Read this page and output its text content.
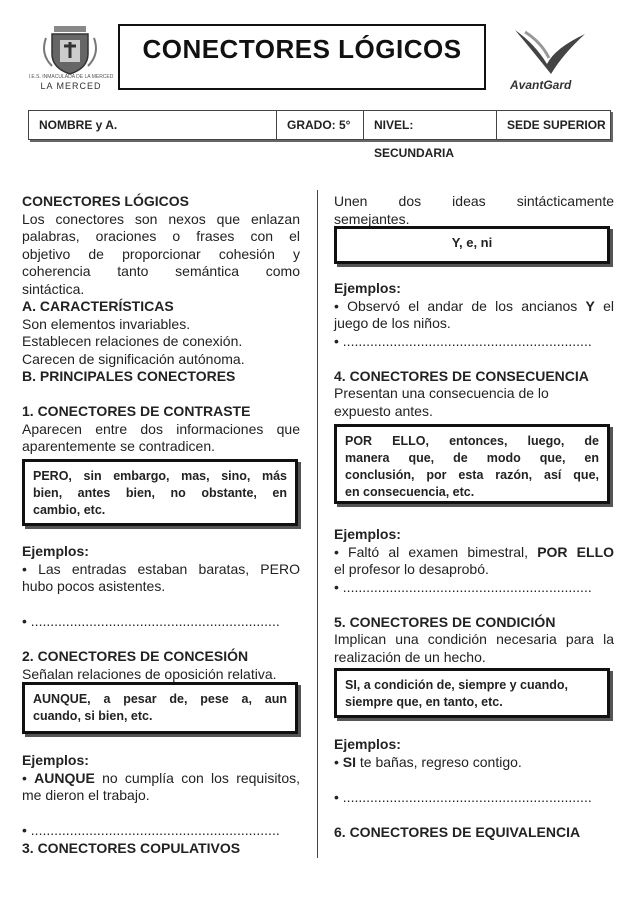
I.E.S. INMACULADA DE LA MERCED
LA MERCED
CONECTORES LÓGICOS
AvantGard
NOMBRE y A.	GRADO: 5°	NIVEL: SECUNDARIA
SEDE SUPERIOR

CONECTORES LÓGICOS

Los conectores son nexos que enlazan

palabras, oraciones o frases con el

objetivo de proporcionar cohesión y

coherencia tanto semántica como

sintáctica.

A. CARACTERÍSTICAS

Son elementos invariables.

Establecen relaciones de conexión.

Carecen de significación autónoma.

B. PRINCIPALES CONECTORES

1. CONECTORES DE CONTRASTE

Aparecen entre dos informaciones que

aparentemente se contradicen.

PERO, sin embargo, mas, sino, más
bien, antes bien, no obstante, en
cambio, etc.

Ejemplos:

• Las entradas estaban baratas, PERO

hubo pocos asistentes.

• ................................................................

2. CONECTORES DE CONCESIÓN

Señalan relaciones de oposición relativa.

AUNQUE, a pesar de, pese a, aun
cuando, si bien, etc.

Ejemplos:

• AUNQUE no cumplía con los requisitos,

me dieron el trabajo.

• ................................................................

3. CONECTORES COPULATIVOS

Unen dos ideas sintácticamente

semejantes.

Y, e, ni

Ejemplos:

• Observó el andar de los ancianos Y el

juego de los niños.

• ................................................................

4. CONECTORES DE CONSECUENCIA

Presentan una consecuencia de lo

expuesto antes.

POR ELLO, entonces, luego, de
manera que, de modo que, en
conclusión, por esta razón, así que,
en consecuencia, etc.

Ejemplos:

• Faltó al examen bimestral, POR ELLO

el profesor lo desaprobó.

• ................................................................

5. CONECTORES DE CONDICIÓN

Implican una condición necesaria para la

realización de un hecho.

SI, a condición de, siempre y cuando,
siempre que, en tanto, etc.

Ejemplos:

• SI te bañas, regreso contigo.

• ................................................................

6. CONECTORES DE EQUIVALENCIA
